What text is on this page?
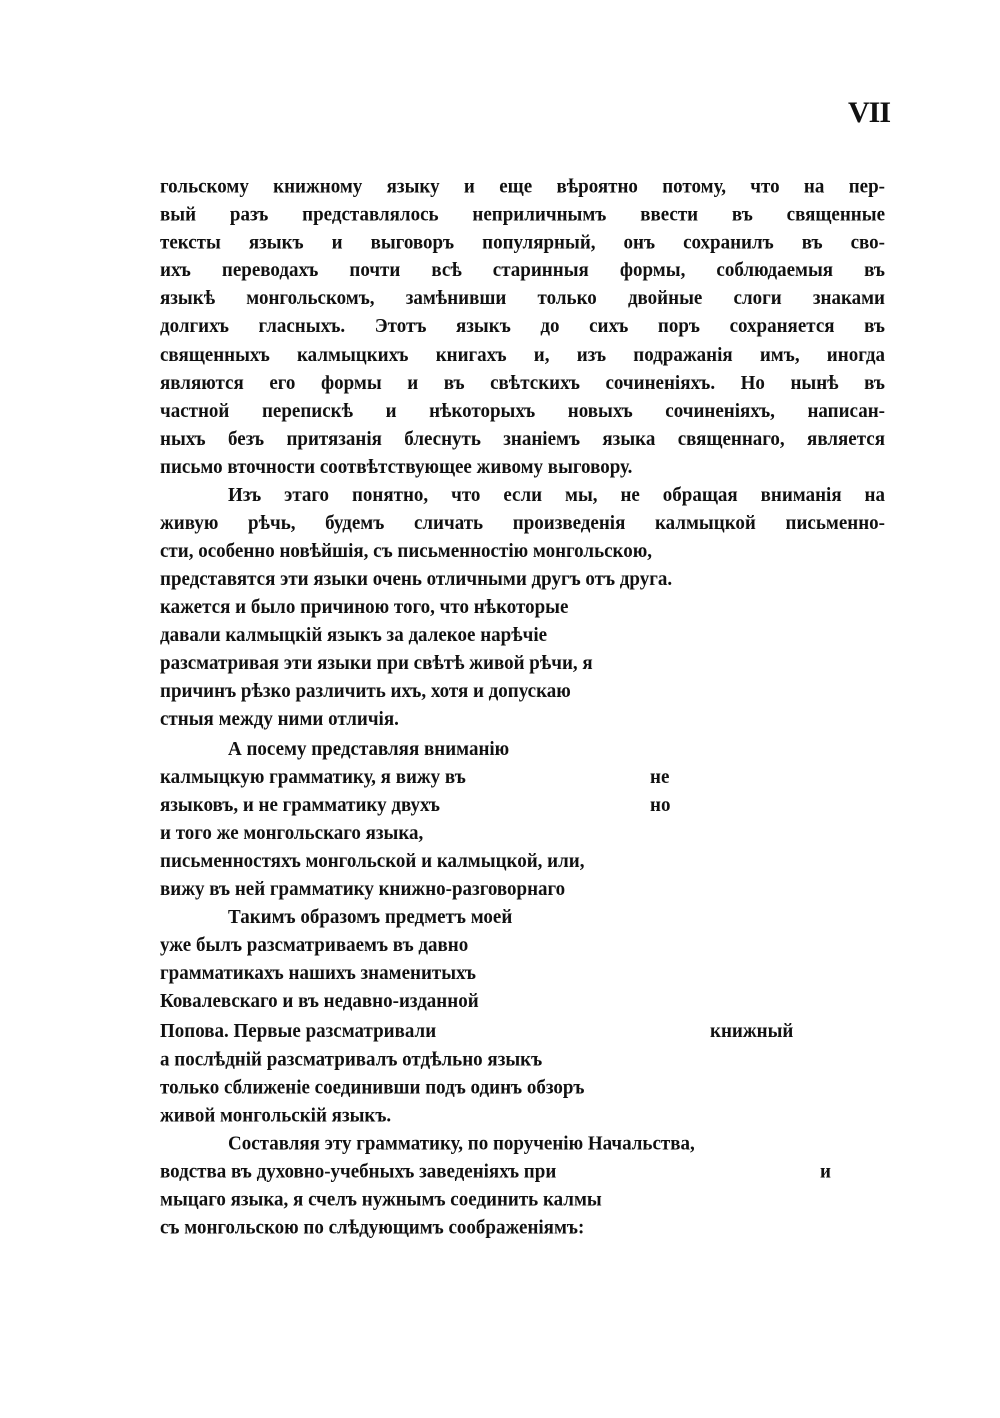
VII
гольскому книжному языку и еще вѣроятно потому, что на пер-
вый разъ представлялось неприличнымъ ввести въ священные
тексты языкъ и выговоръ популярный, онъ сохранилъ въ сво-
ихъ переводахъ почти всѣ старинныя формы, соблюдаемыя въ
языкѣ монгольскомъ, замѣнивши только двойные слоги знаками
долгихъ гласныхъ. Этотъ языкъ до сихъ поръ сохраняется въ
священныхъ калмыцкихъ книгахъ и, изъ подражанія имъ, иногда
являются его формы и въ свѣтскихъ сочиненіяхъ. Но нынѣ въ
частной перепискѣ и нѣкоторыхъ новыхъ сочиненіяхъ, написан-
ныхъ безъ притязанія блеснуть знаніемъ языка священнаго, является
письмо вточности соотвѣтствующее живому выговору.
Изъ этаго понятно, что если мы, не обращая вниманія на
живую рѣчь, будемъ сличать произведенія калмыцкой письменно-
сти, особенно новѣйшія, съ письменностію монгольскою,
представятся эти языки очень отличными другъ отъ друга.
кажется и было причиною того, что нѣкоторые
давали калмыцкій языкъ за далекое нарѣчіе
разсматривая эти языки при свѣтѣ живой рѣчи, я
причинъ рѣзко различить ихъ, хотя и допускаю
стныя между ними отличія.
А посему представляя вниманію
калмыцкую грамматику, я вижу въ	не
языковъ, и не грамматику двухъ	но
и того же монгольскаго языка,
письменностяхъ монгольской и калмыцкой, или,
вижу въ ней грамматику книжно-разговорнаго
Такимъ образомъ предметъ моей
уже былъ разсматриваемъ въ давно
грамматикахъ нашихъ знаменитыхъ
Ковалевскаго и въ недавно-изданной
Попова. Первые разсматривали	книжный
а послѣдній разсматривалъ отдѣльно языкъ
только сближеніе соединивши подъ одинъ обзоръ
живой монгольскій языкъ.
Составляя эту грамматику, по порученію Начальства,
водства въ духовно-учебныхъ заведеніяхъ при	и
мыцаго языка, я счелъ нужнымъ соединить калмы
съ монгольскою по слѣдующимъ соображеніямъ:
